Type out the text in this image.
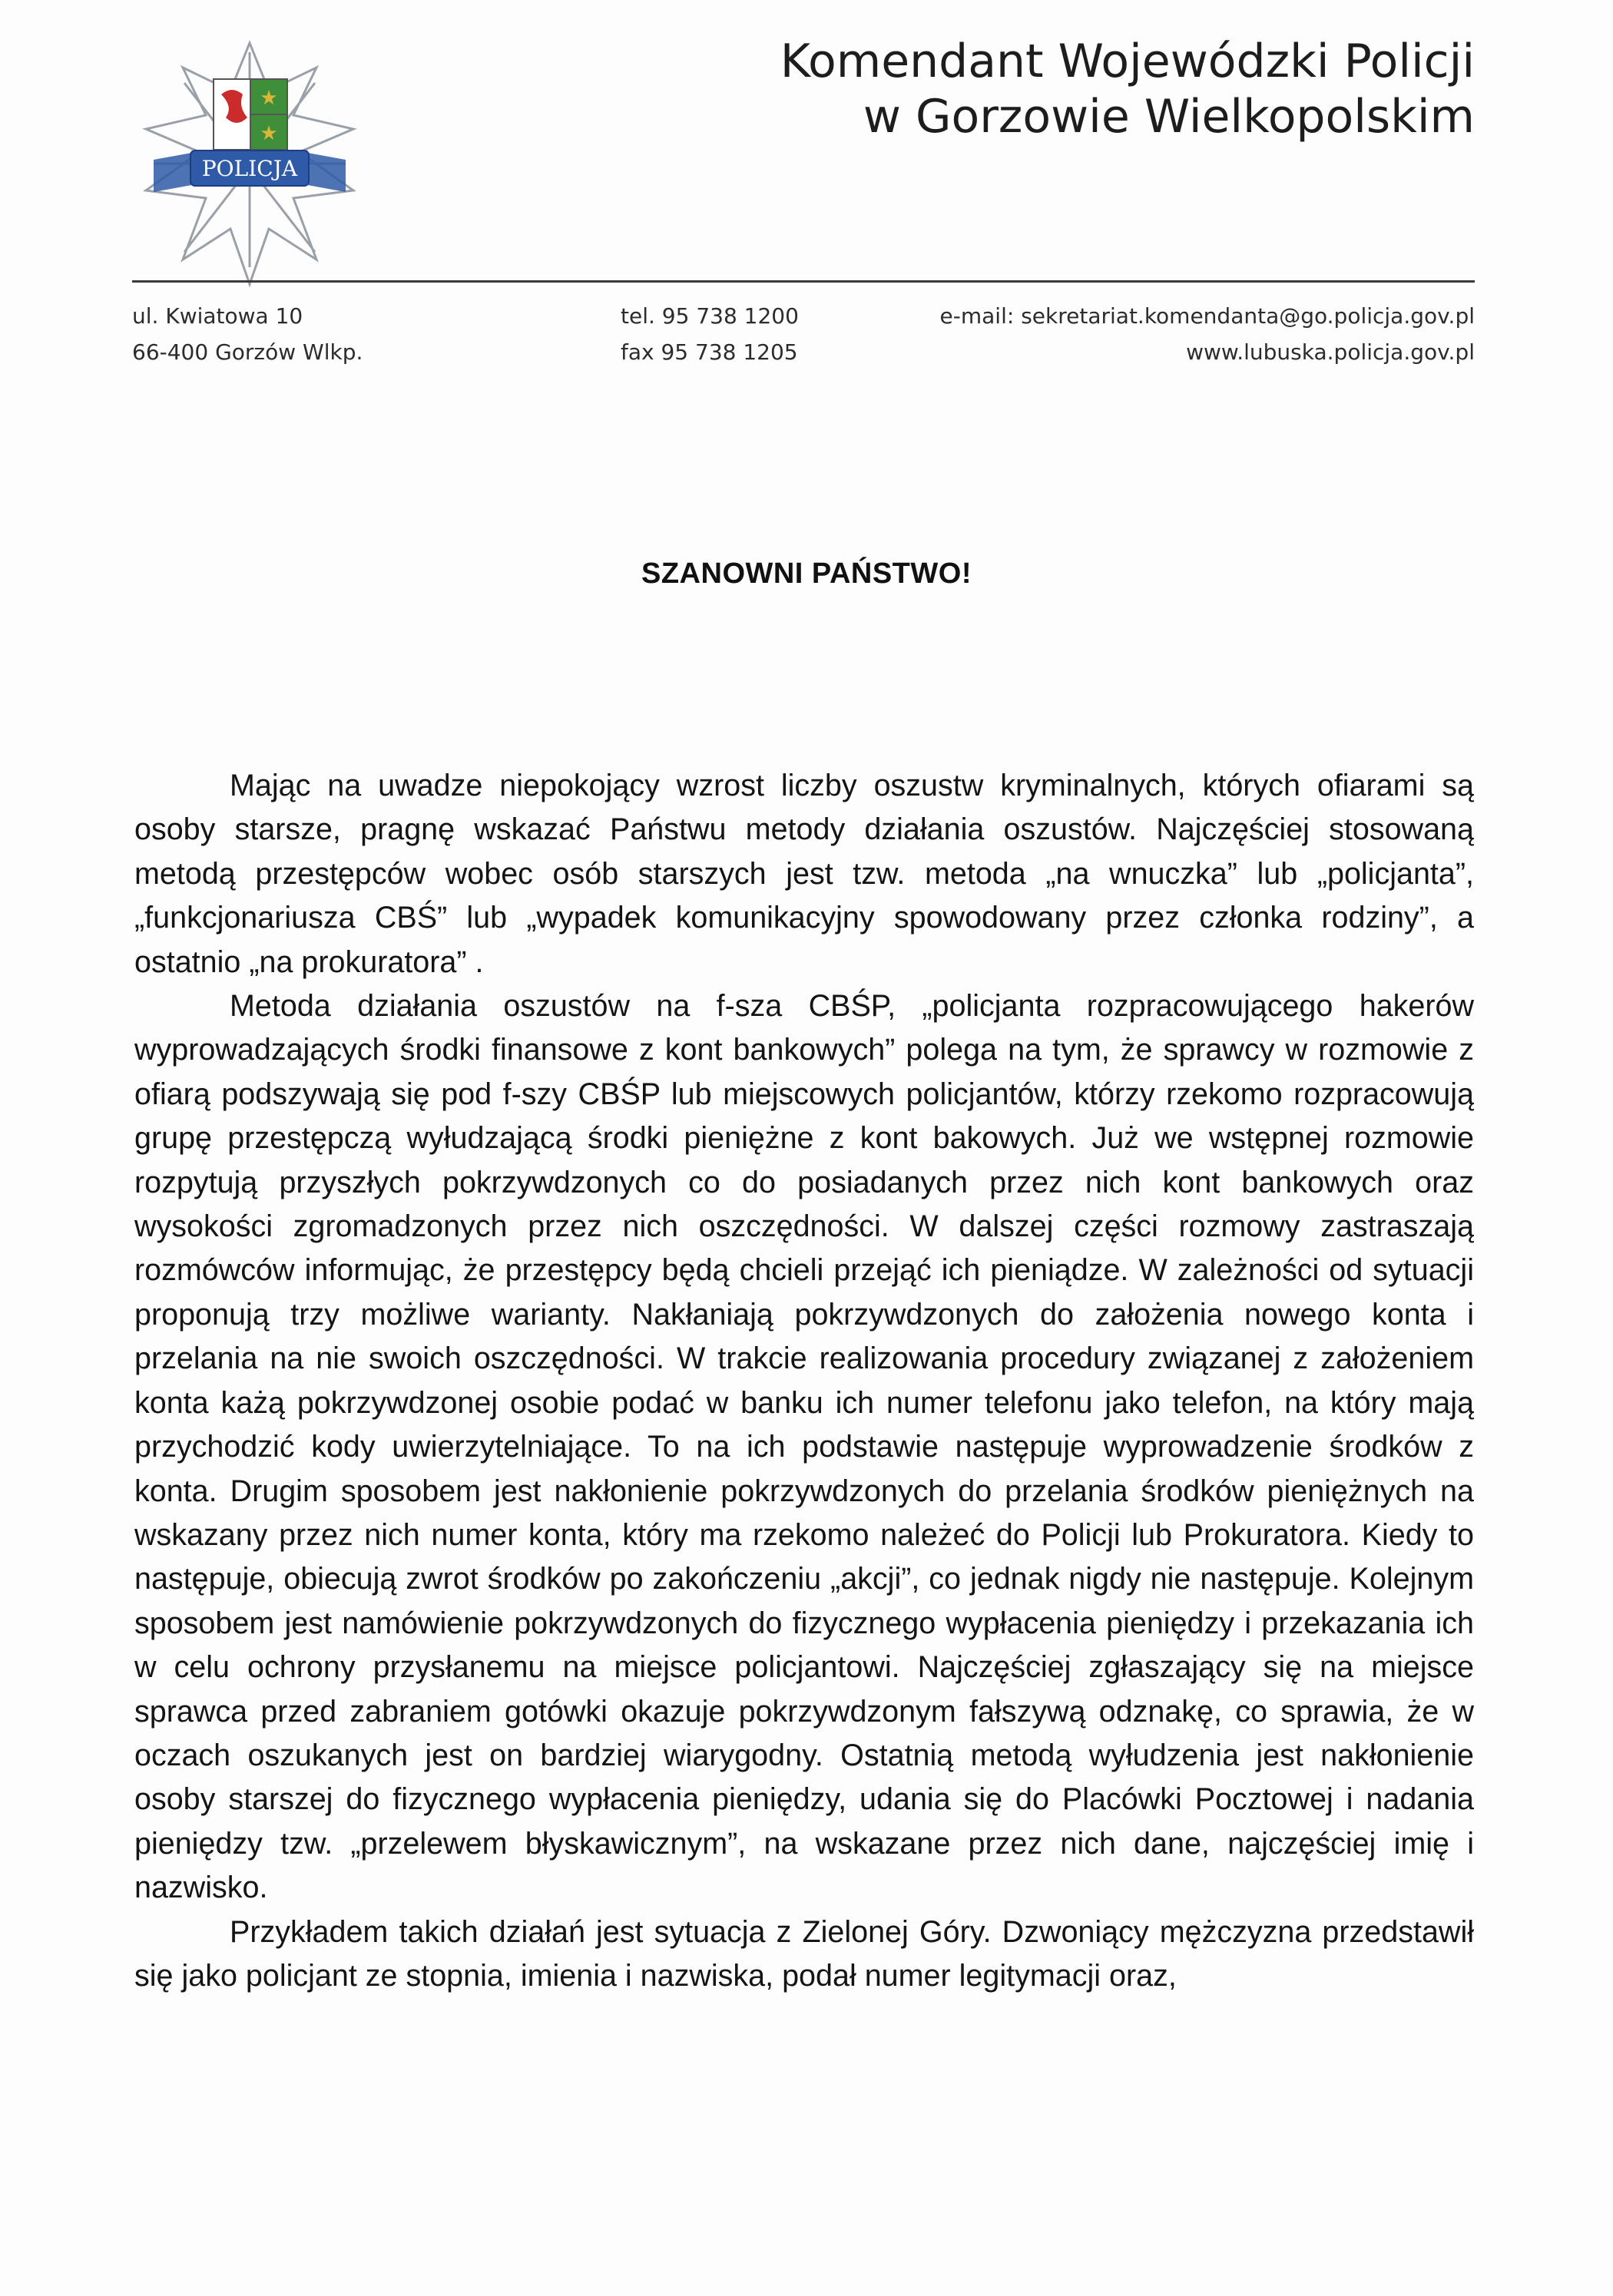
★
★
POLICJA
Komendant Wojewódzki Policji
w Gorzowie Wielkopolskim
ul. Kwiatowa 10
66-400 Gorzów Wlkp.
tel. 95 738 1200
fax 95 738 1205
e-mail: sekretariat.komendanta@go.policja.gov.pl
www.lubuska.policja.gov.pl
SZANOWNI PAŃSTWO!

Mając na uwadze niepokojący wzrost liczby oszustw kryminalnych, których ofiarami są osoby starsze, pragnę wskazać Państwu metody działania oszustów. Najczęściej stosowaną metodą przestępców wobec osób starszych jest tzw. metoda „na wnuczka” lub „policjanta”, „funkcjonariusza CBŚ” lub „wypadek komunikacyjny spowodowany przez członka rodziny”, a ostatnio „na prokuratora” .

Metoda działania oszustów na f-sza CBŚP, „policjanta rozpracowującego hakerów wyprowadzających środki finansowe z kont bankowych” polega na tym, że sprawcy w rozmowie z ofiarą podszywają się pod f-szy CBŚP lub miejscowych policjantów, którzy rzekomo rozpracowują grupę przestępczą wyłudzającą środki pieniężne z kont bakowych. Już we wstępnej rozmowie rozpytują przyszłych pokrzywdzonych co do posiadanych przez nich kont bankowych oraz wysokości zgromadzonych przez nich oszczędności. W dalszej części rozmowy zastraszają rozmówców informując, że przestępcy będą chcieli przejąć ich pieniądze. W zależności od sytuacji proponują trzy możliwe warianty. Nakłaniają pokrzywdzonych do założenia nowego konta i przelania na nie swoich oszczędności. W trakcie realizowania procedury związanej z założeniem konta każą pokrzywdzonej osobie podać w banku ich numer telefonu jako telefon, na który mają przychodzić kody uwierzytelniające. To na ich podstawie następuje wyprowadzenie środków z konta. Drugim sposobem jest nakłonienie pokrzywdzonych do przelania środków pieniężnych na wskazany przez nich numer konta, który ma rzekomo należeć do Policji lub Prokuratora. Kiedy to następuje, obiecują zwrot środków po zakończeniu „akcji”, co jednak nigdy nie następuje. Kolejnym sposobem jest namówienie pokrzywdzonych do fizycznego wypłacenia pieniędzy i przekazania ich w celu ochrony przysłanemu na miejsce policjantowi. Najczęściej zgłaszający się na miejsce sprawca przed zabraniem gotówki okazuje pokrzywdzonym fałszywą odznakę, co sprawia, że w oczach oszukanych jest on bardziej wiarygodny. Ostatnią metodą wyłudzenia jest nakłonienie osoby starszej do fizycznego wypłacenia pieniędzy, udania się do Placówki Pocztowej i nadania pieniędzy tzw. „przelewem błyskawicznym”, na wskazane przez nich dane, najczęściej imię i nazwisko.

Przykładem takich działań jest sytuacja z Zielonej Góry. Dzwoniący mężczyzna przedstawił się jako policjant ze stopnia, imienia i nazwiska, podał numer legitymacji oraz,
